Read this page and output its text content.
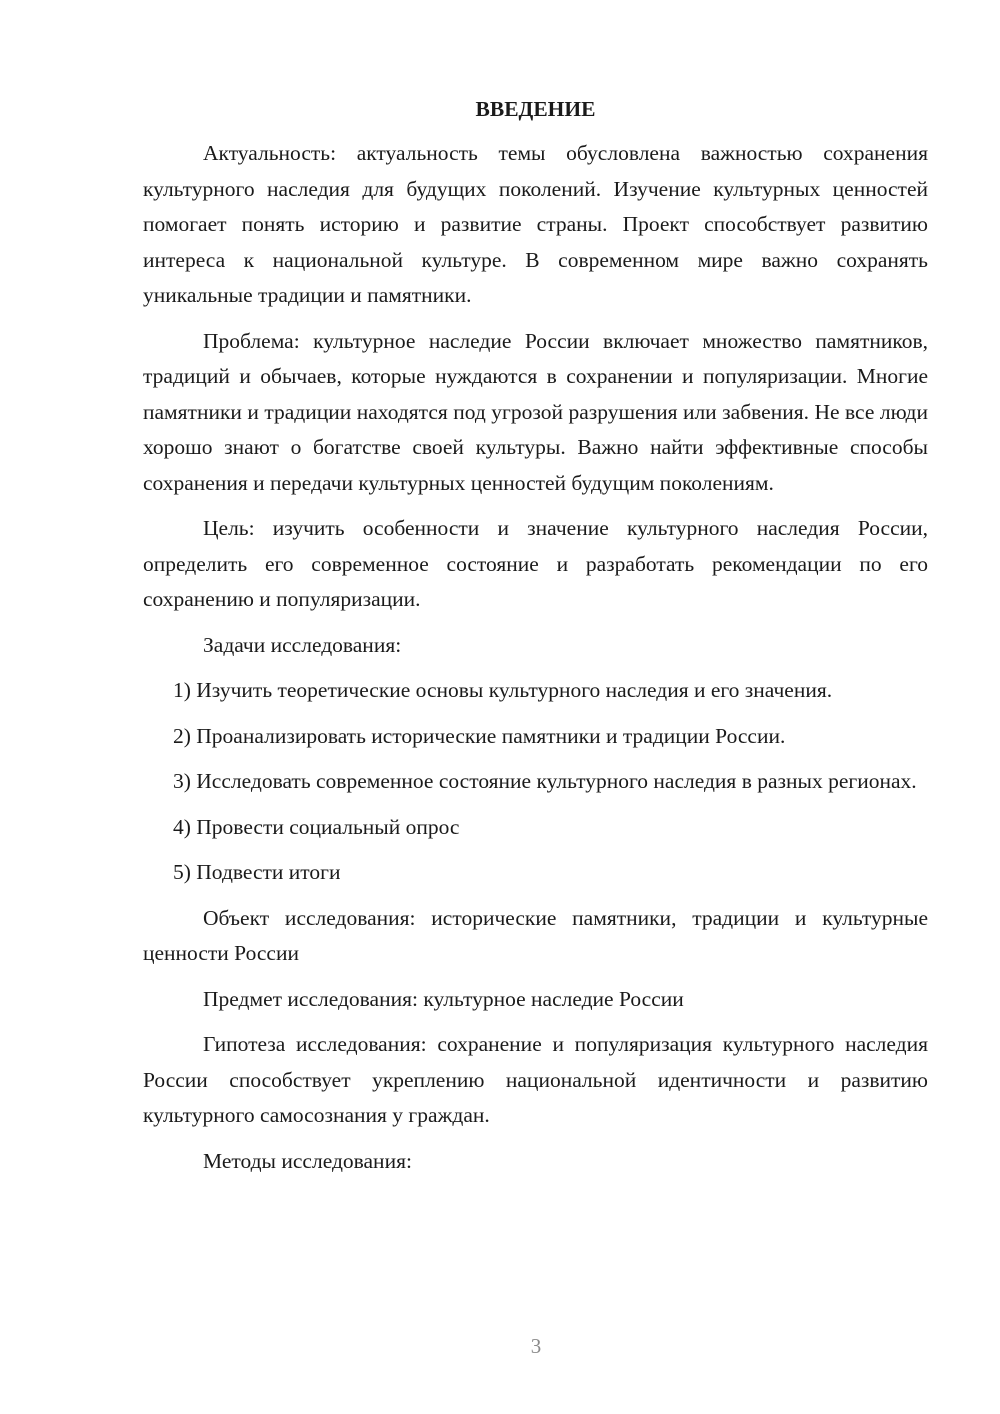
ВВЕДЕНИЕ

Актуальность: актуальность темы обусловлена важностью сохранения культурного наследия для будущих поколений. Изучение культурных ценностей помогает понять историю и развитие страны. Проект способствует развитию интереса к национальной культуре. В современном мире важно сохранять уникальные традиции и памятники.

Проблема: культурное наследие России включает множество памятников, традиций и обычаев, которые нуждаются в сохранении и популяризации. Многие памятники и традиции находятся под угрозой разрушения или забвения. Не все люди хорошо знают о богатстве своей культуры. Важно найти эффективные способы сохранения и передачи культурных ценностей будущим поколениям.

Цель: изучить особенности и значение культурного наследия России, определить его современное состояние и разработать рекомендации по его сохранению и популяризации.

Задачи исследования:

1) Изучить теоретические основы культурного наследия и его значения.

2) Проанализировать исторические памятники и традиции России.

3) Исследовать современное состояние культурного наследия в разных регионах.

4) Провести социальный опрос

5) Подвести итоги

Объект исследования: исторические памятники, традиции и культурные ценности России

Предмет исследования: культурное наследие России

Гипотеза исследования: сохранение и популяризация культурного наследия России способствует укреплению национальной идентичности и развитию культурного самосознания у граждан.

Методы исследования:

3
